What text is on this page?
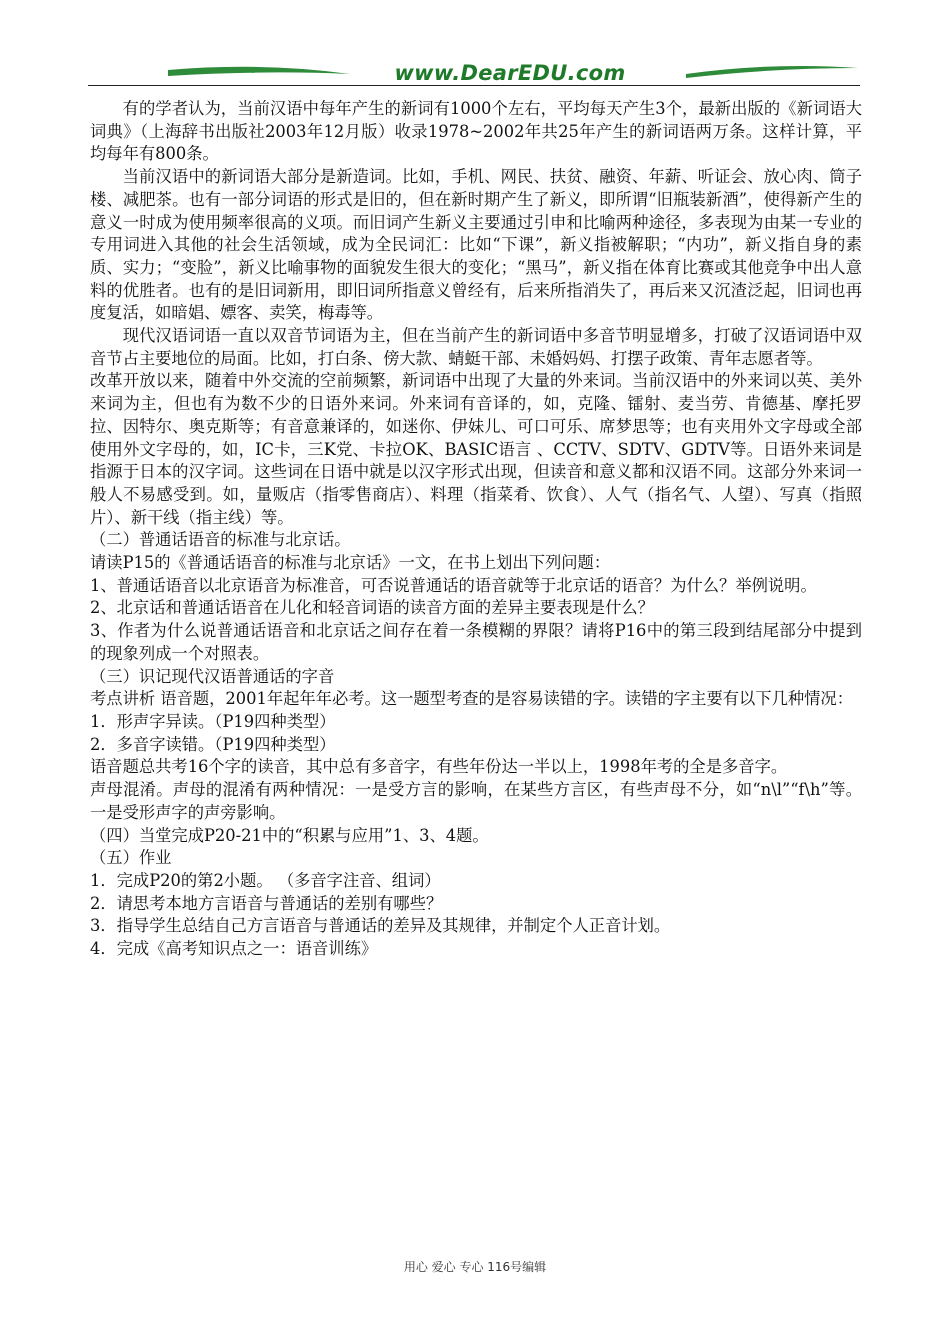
www.DearEDU.com

有的学者认为，当前汉语中每年产生的新词有1000个左右，平均每天产生3个，最新出版的《新词语大词典》（上海辞书出版社2003年12月版）收录1978~2002年共25年产生的新词语两万条。这样计算，平均每年有800条。

当前汉语中的新词语大部分是新造词。比如，手机、网民、扶贫、融资、年薪、听证会、放心肉、筒子楼、减肥茶。也有一部分词语的形式是旧的，但在新时期产生了新义，即所谓“旧瓶装新酒”，使得新产生的意义一时成为使用频率很高的义项。而旧词产生新义主要通过引申和比喻两种途径，多表现为由某一专业的专用词进入其他的社会生活领域，成为全民词汇：比如“下课”，新义指被解职；“内功”，新义指自身的素质、实力；“变脸”，新义比喻事物的面貌发生很大的变化；“黑马”，新义指在体育比赛或其他竞争中出人意料的优胜者。也有的是旧词新用，即旧词所指意义曾经有，后来所指消失了，再后来又沉渣泛起，旧词也再度复活，如暗娼、嫖客、卖笑，梅毒等。

现代汉语词语一直以双音节词语为主，但在当前产生的新词语中多音节明显增多，打破了汉语词语中双音节占主要地位的局面。比如，打白条、傍大款、蜻蜓干部、未婚妈妈、打摆子政策、青年志愿者等。

改革开放以来，随着中外交流的空前频繁，新词语中出现了大量的外来词。当前汉语中的外来词以英、美外来词为主，但也有为数不少的日语外来词。外来词有音译的，如，克隆、镭射、麦当劳、肯德基、摩托罗拉、因特尔、奥克斯等；有音意兼译的，如迷你、伊妹儿、可口可乐、席梦思等；也有夹用外文字母或全部使用外文字母的，如，IC卡，三K党、卡拉OK、BASIC语言 、CCTV、SDTV、GDTV等。日语外来词是指源于日本的汉字词。这些词在日语中就是以汉字形式出现，但读音和意义都和汉语不同。这部分外来词一般人不易感受到。如，量贩店（指零售商店）、料理（指菜肴、饮食）、人气（指名气、人望）、写真（指照片）、新干线（指主线）等。

（二）普通话语音的标准与北京话。

请读P15的《普通话语音的标准与北京话》一文，在书上划出下列问题：

1、普通话语音以北京语音为标准音，可否说普通话的语音就等于北京话的语音？为什么？举例说明。

2、北京话和普通话语音在儿化和轻音词语的读音方面的差异主要表现是什么？

3、作者为什么说普通话语音和北京话之间存在着一条模糊的界限？请将P16中的第三段到结尾部分中提到的现象列成一个对照表。

（三）识记现代汉语普通话的字音

考点讲析 语音题，2001年起年年必考。这一题型考查的是容易读错的字。读错的字主要有以下几种情况：

1．形声字异读。（P19四种类型）

2．多音字读错。（P19四种类型）

语音题总共考16个字的读音，其中总有多音字，有些年份达一半以上，1998年考的全是多音字。

声母混淆。声母的混淆有两种情况：一是受方言的影响，在某些方言区，有些声母不分，如“n\l”“f\h”等。一是受形声字的声旁影响。

（四）当堂完成P20-21中的“积累与应用”1、3、4题。

（五）作业

1．完成P20的第2小题。 （多音字注音、组词）

2．请思考本地方言语音与普通话的差别有哪些？

3．指导学生总结自己方言语音与普通话的差异及其规律，并制定个人正音计划。

4．完成《高考知识点之一：语音训练》

用心 爱心 专心 116号编辑
